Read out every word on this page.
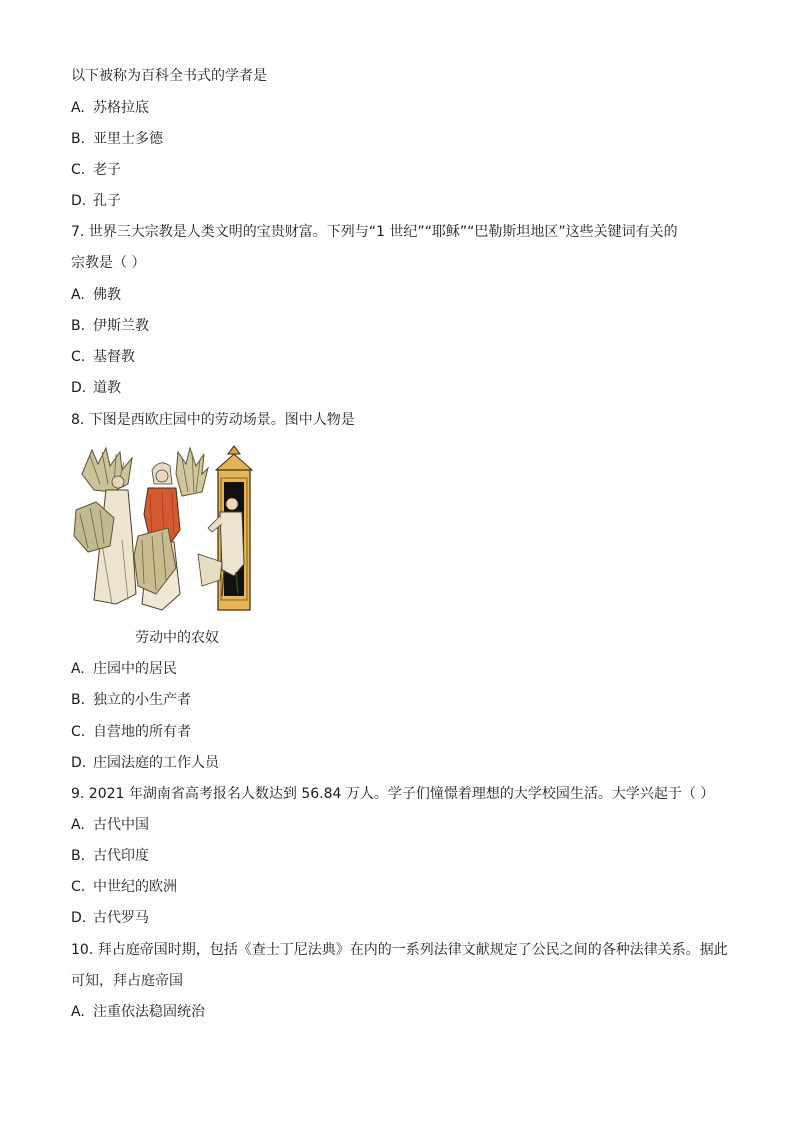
以下被称为百科全书式的学者是
A. 苏格拉底
B. 亚里士多德
C. 老子
D. 孔子
7. 世界三大宗教是人类文明的宝贵财富。下列与“1 世纪”“耶稣”“巴勒斯坦地区”这些关键词有关的
宗教是（ ）
A. 佛教
B. 伊斯兰教
C. 基督教
D. 道教
8. 下图是西欧庄园中的劳动场景。图中人物是
劳动中的农奴
A. 庄园中的居民
B. 独立的小生产者
C. 自营地的所有者
D. 庄园法庭的工作人员
9. 2021 年湖南省高考报名人数达到 56.84 万人。学子们憧憬着理想的大学校园生活。大学兴起于（ ）
A. 古代中国
B. 古代印度
C. 中世纪的欧洲
D. 古代罗马
10. 拜占庭帝国时期，包括《查士丁尼法典》在内的一系列法律文献规定了公民之间的各种法律关系。据此
可知，拜占庭帝国
A. 注重依法稳固统治
